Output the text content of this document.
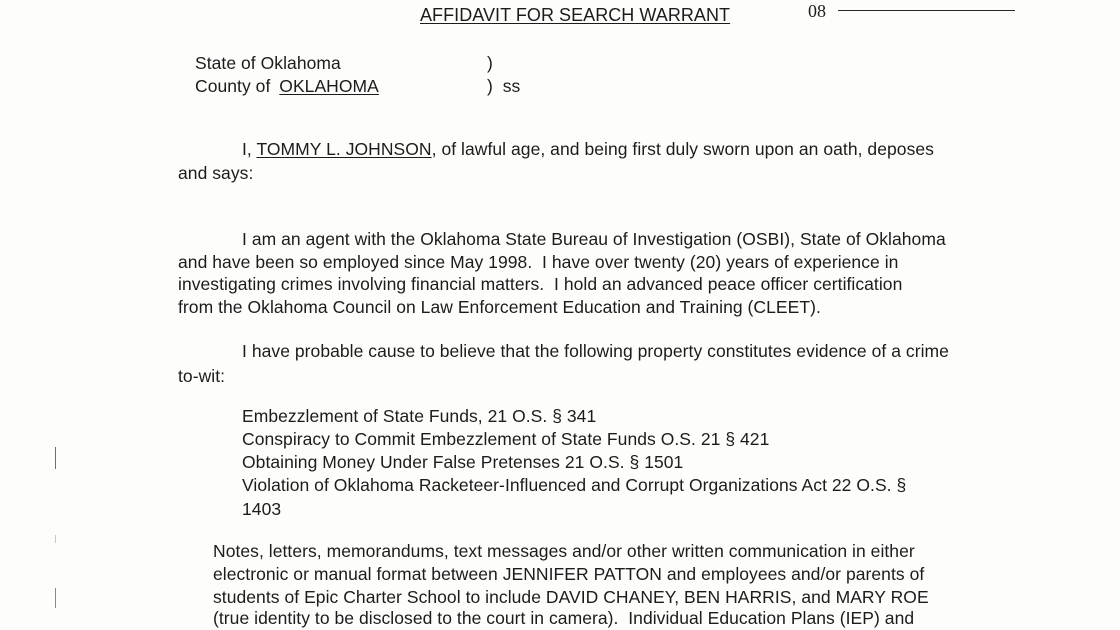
AFFIDAVIT FOR SEARCH WARRANT	08
State of Oklahoma
County of OKLAHOMA
)
)  ss
I, TOMMY L. JOHNSON, of lawful age, and being first duly sworn upon an oath, deposes
and says:
I am an agent with the Oklahoma State Bureau of Investigation (OSBI), State of Oklahoma
and have been so employed since May 1998.  I have over twenty (20) years of experience in
investigating crimes involving financial matters.  I hold an advanced peace officer certification
from the Oklahoma Council on Law Enforcement Education and Training (CLEET).
I have probable cause to believe that the following property constitutes evidence of a crime
to-wit:
Embezzlement of State Funds, 21 O.S. § 341
Conspiracy to Commit Embezzlement of State Funds O.S. 21 § 421
Obtaining Money Under False Pretenses 21 O.S. § 1501
Violation of Oklahoma Racketeer-Influenced and Corrupt Organizations Act 22 O.S. §
1403
Notes, letters, memorandums, text messages and/or other written communication in either
electronic or manual format between JENNIFER PATTON and employees and/or parents of
students of Epic Charter School to include DAVID CHANEY, BEN HARRIS, and MARY ROE
(true identity to be disclosed to the court in camera).  Individual Education Plans (IEP) and
